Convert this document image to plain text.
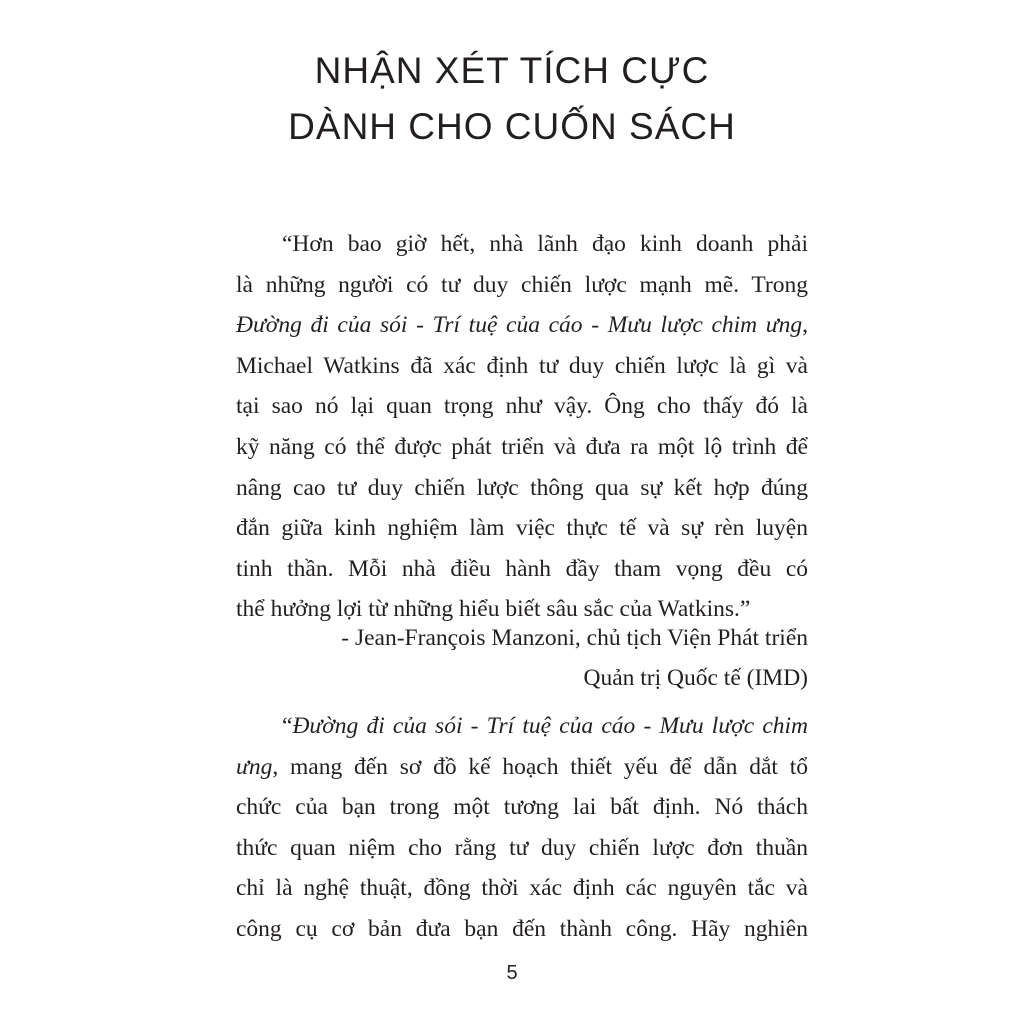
NHẬN XÉT TÍCH CỰC
DÀNH CHO CUỐN SÁCH
“Hơn bao giờ hết, nhà lãnh đạo kinh doanh phải
là những người có tư duy chiến lược mạnh mẽ. Trong
Đường đi của sói - Trí tuệ của cáo - Mưu lược chim ưng,
Michael Watkins đã xác định tư duy chiến lược là gì và
tại sao nó lại quan trọng như vậy. Ông cho thấy đó là
kỹ năng có thể được phát triển và đưa ra một lộ trình để
nâng cao tư duy chiến lược thông qua sự kết hợp đúng
đắn giữa kinh nghiệm làm việc thực tế và sự rèn luyện
tinh thần. Mỗi nhà điều hành đầy tham vọng đều có
thể hưởng lợi từ những hiểu biết sâu sắc của Watkins.”
- Jean-François Manzoni, chủ tịch Viện Phát triển
Quản trị Quốc tế (IMD)
“Đường đi của sói - Trí tuệ của cáo - Mưu lược chim
ưng, mang đến sơ đồ kế hoạch thiết yếu để dẫn dắt tổ
chức của bạn trong một tương lai bất định. Nó thách
thức quan niệm cho rằng tư duy chiến lược đơn thuần
chỉ là nghệ thuật, đồng thời xác định các nguyên tắc và
công cụ cơ bản đưa bạn đến thành công. Hãy nghiên
5
